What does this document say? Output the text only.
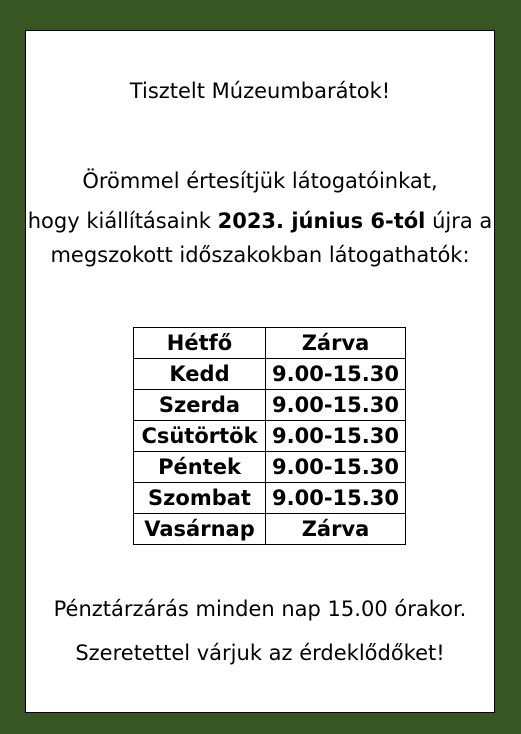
Tisztelt Múzeumbarátok!
Örömmel értesítjük látogatóinkat,
hogy kiállításaink 2023. június 6-tól újra a
megszokott időszakokban látogathatók:
Hétfő	Zárva
Kedd	9.00-15.30
Szerda	9.00-15.30
Csütörtök	9.00-15.30
Péntek	9.00-15.30
Szombat	9.00-15.30
Vasárnap	Zárva
Pénztárzárás minden nap 15.00 órakor.
Szeretettel várjuk az érdeklődőket!
